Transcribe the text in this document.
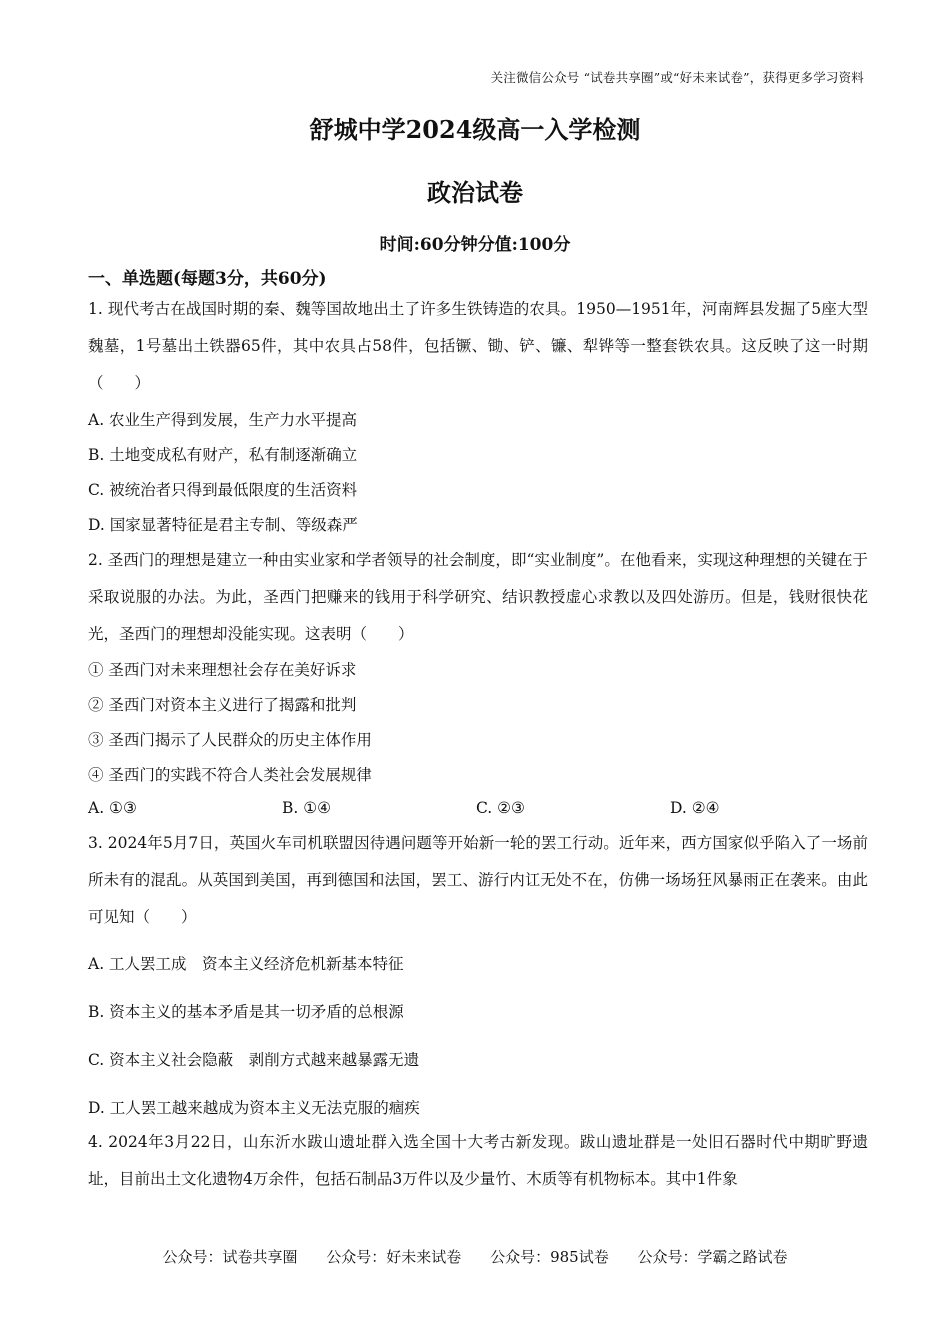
关注微信公众号 “试卷共享圈”或“好未来试卷”，获得更多学习资料
舒城中学2024级高一入学检测
政治试卷
时间:60分钟分值:100分
一、单选题(每题3分，共60分)

1. 现代考古在战国时期的秦、魏等国故地出土了许多生铁铸造的农具。1950—1951年，河南辉县发掘了5座大型魏墓，1号墓出土铁器65件，其中农具占58件，包括镢、锄、铲、镰、犁铧等一整套铁农具。这反映了这一时期（　　）

A. 农业生产得到发展，生产力水平提高

B. 土地变成私有财产，私有制逐渐确立

C. 被统治者只得到最低限度的生活资料

D. 国家显著特征是君主专制、等级森严

2. 圣西门的理想是建立一种由实业家和学者领导的社会制度，即“实业制度”。在他看来，实现这种理想的关键在于采取说服的办法。为此，圣西门把赚来的钱用于科学研究、结识教授虚心求教以及四处游历。但是，钱财很快花光，圣西门的理想却没能实现。这表明（　　）

① 圣西门对未来理想社会存在美好诉求

② 圣西门对资本主义进行了揭露和批判

③ 圣西门揭示了人民群众的历史主体作用

④ 圣西门的实践不符合人类社会发展规律

A. ①③	B. ①④	C. ②③	D. ②④

3. 2024年5月7日，英国火车司机联盟因待遇问题等开始新一轮的罢工行动。近年来，西方国家似乎陷入了一场前所未有的混乱。从英国到美国，再到德国和法国，罢工、游行内讧无处不在，仿佛一场场狂风暴雨正在袭来。由此可见知（　　）

A. 工人罢工成　资本主义经济危机新基本特征

B. 资本主义的基本矛盾是其一切矛盾的总根源

C. 资本主义社会隐蔽　剥削方式越来越暴露无遗

D. 工人罢工越来越成为资本主义无法克服的痼疾

4. 2024年3月22日，山东沂水跋山遗址群入选全国十大考古新发现。跋山遗址群是一处旧石器时代中期旷野遗址，目前出土文化遗物4万余件，包括石制品3万件以及少量竹、木质等有机物标本。其中1件象

公众号：试卷共享圈 公众号：好未来试卷 公众号：985试卷 公众号：学霸之路试卷
